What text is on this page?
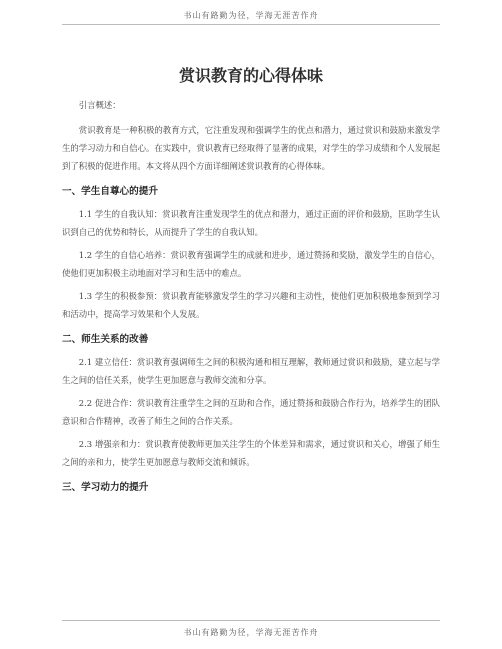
书山有路勤为径，学海无涯苦作舟
赏识教育的心得体味

引言概述：

赏识教育是一种积极的教育方式，它注重发现和强调学生的优点和潜力，通过赏识和鼓励来激发学生的学习动力和自信心。在实践中，赏识教育已经取得了显著的成果，对学生的学习成绩和个人发展起到了积极的促进作用。本文将从四个方面详细阐述赏识教育的心得体味。

一、学生自尊心的提升

1.1 学生的自我认知：赏识教育注重发现学生的优点和潜力，通过正面的评价和鼓励，匡助学生认识到自己的优势和特长，从而提升了学生的自我认知。

1.2 学生的自信心培养：赏识教育强调学生的成就和进步，通过赞扬和奖励，激发学生的自信心，使他们更加积极主动地面对学习和生活中的难点。

1.3 学生的积极参预：赏识教育能够激发学生的学习兴趣和主动性，使他们更加积极地参预到学习和活动中，提高学习效果和个人发展。

二、师生关系的改善

2.1 建立信任：赏识教育强调师生之间的积极沟通和相互理解，教师通过赏识和鼓励，建立起与学生之间的信任关系，使学生更加愿意与教师交流和分享。

2.2 促进合作：赏识教育注重学生之间的互助和合作，通过赞扬和鼓励合作行为，培养学生的团队意识和合作精神，改善了师生之间的合作关系。

2.3 增强亲和力：赏识教育使教师更加关注学生的个体差异和需求，通过赏识和关心，增强了师生之间的亲和力，使学生更加愿意与教师交流和倾诉。

三、学习动力的提升
书山有路勤为径，学海无涯苦作舟
